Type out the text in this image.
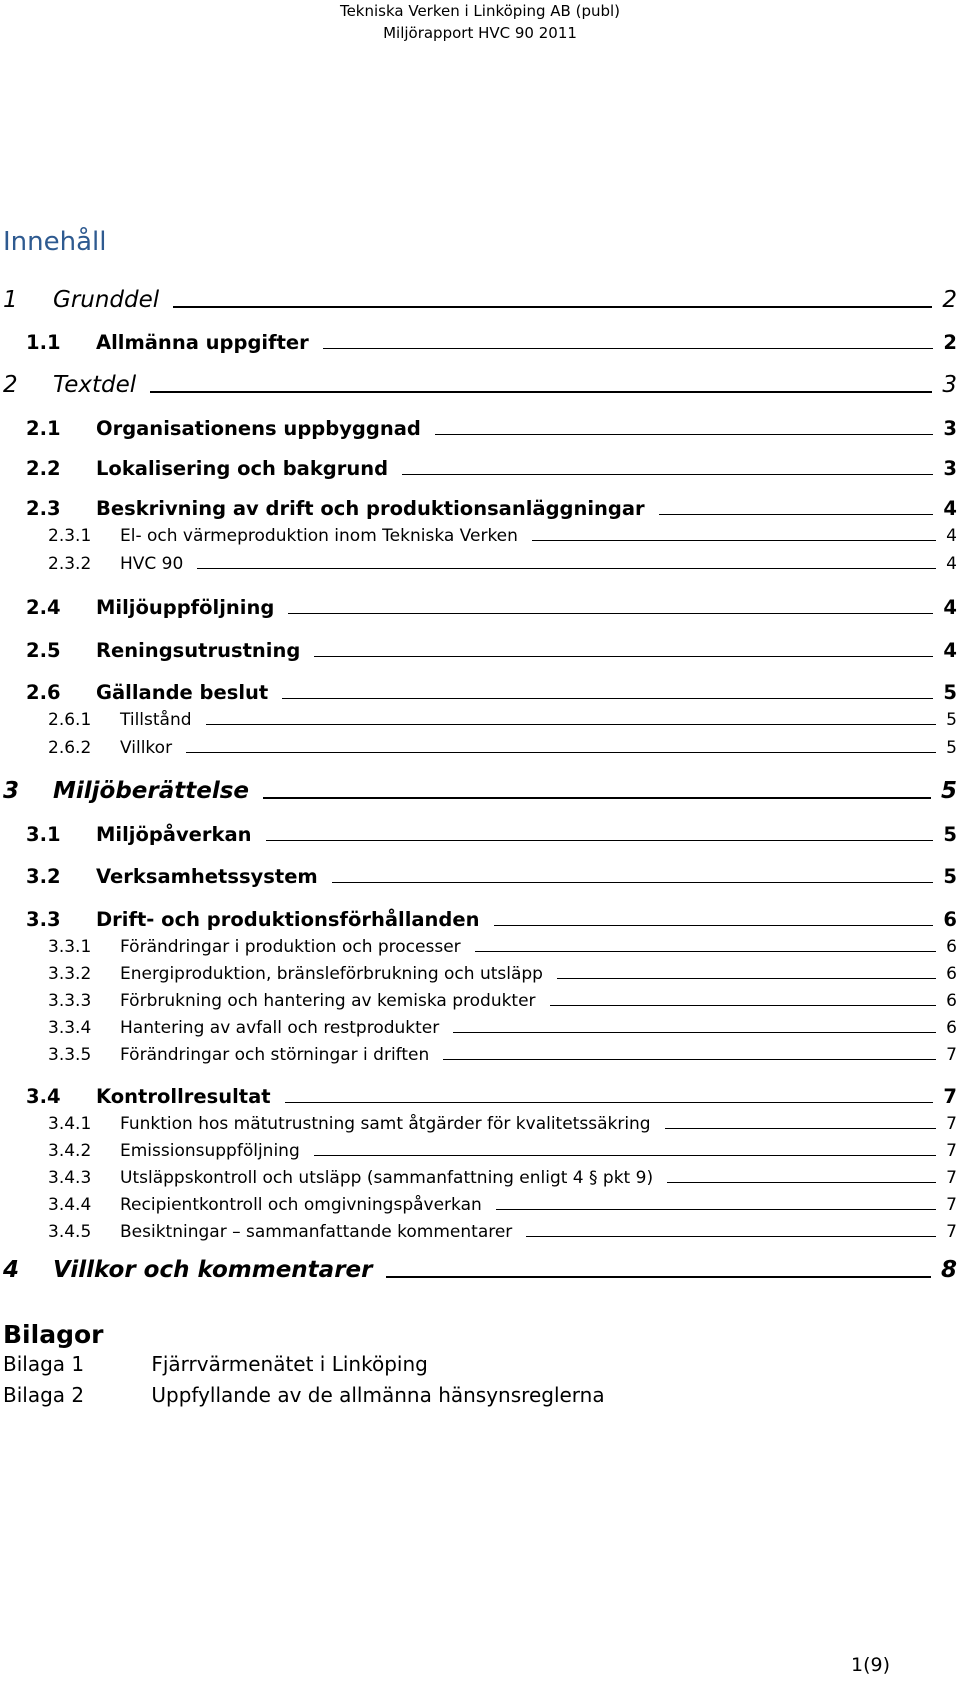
Tekniska Verken i Linköping AB (publ)
Miljörapport HVC 90 2011
Innehåll
1	Grunddel	2
1.1	Allmänna uppgifter	2
2	Textdel	3
2.1	Organisationens uppbyggnad	3
2.2	Lokalisering och bakgrund	3
2.3	Beskrivning av drift och produktionsanläggningar	4
2.3.1	El- och värmeproduktion inom Tekniska Verken	4
2.3.2	HVC 90	4
2.4	Miljöuppföljning	4
2.5	Reningsutrustning	4
2.6	Gällande beslut	5
2.6.1	Tillstånd	5
2.6.2	Villkor	5
3	Miljöberättelse	5
3.1	Miljöpåverkan	5
3.2	Verksamhetssystem	5
3.3	Drift- och produktionsförhållanden	6
3.3.1	Förändringar i produktion och processer	6
3.3.2	Energiproduktion, bränsleförbrukning och utsläpp	6
3.3.3	Förbrukning och hantering av kemiska produkter	6
3.3.4	Hantering av avfall och restprodukter	6
3.3.5	Förändringar och störningar i driften	7
3.4	Kontrollresultat	7
3.4.1	Funktion hos mätutrustning samt åtgärder för kvalitetssäkring	7
3.4.2	Emissionsuppföljning	7
3.4.3	Utsläppskontroll och utsläpp (sammanfattning enligt 4 § pkt 9)	7
3.4.4	Recipientkontroll och omgivningspåverkan	7
3.4.5	Besiktningar – sammanfattande kommentarer	7
4	Villkor och kommentarer	8
Bilagor
Bilaga 1	Fjärrvärmenätet i Linköping
Bilaga 2	Uppfyllande av de allmänna hänsynsreglerna
1(9)
